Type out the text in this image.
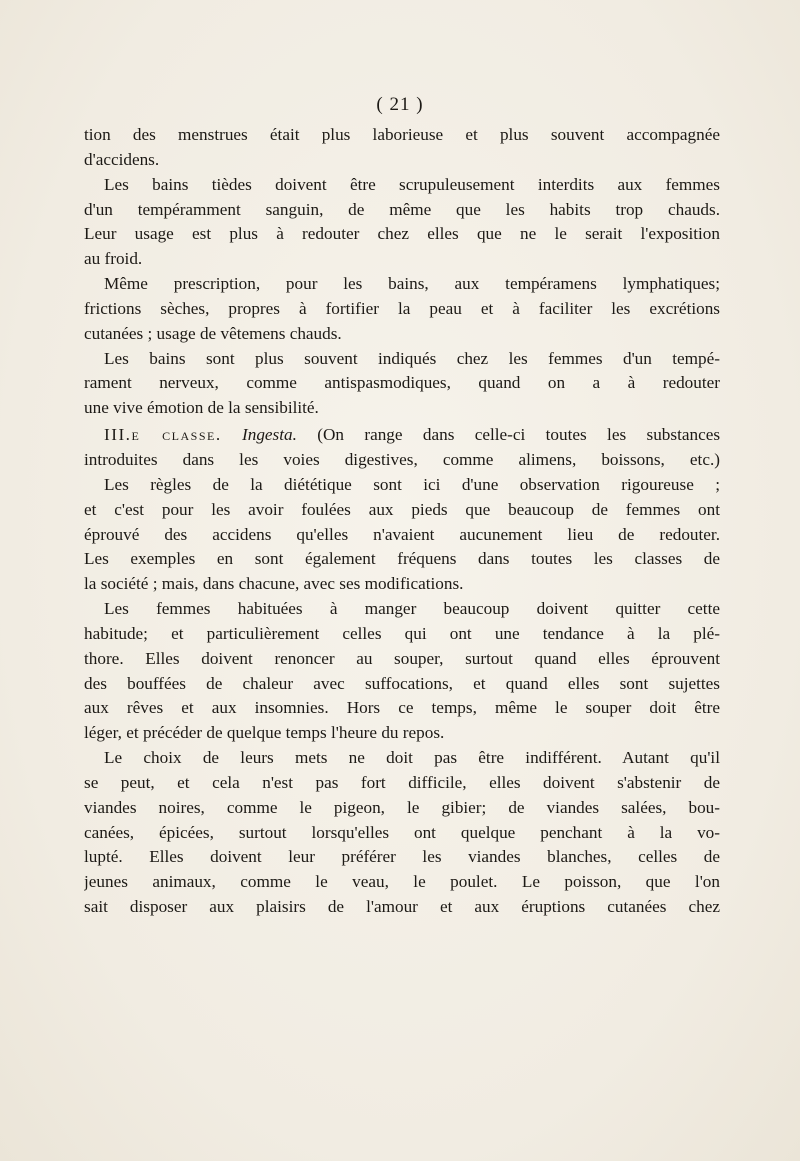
( 21 )
tion des menstrues était plus laborieuse et plus souvent accompagnée
d'accidens.
Les bains tièdes doivent être scrupuleusement interdits aux femmes
d'un tempéramment sanguin, de même que les habits trop chauds.
Leur usage est plus à redouter chez elles que ne le serait l'exposition
au froid.
Même prescription, pour les bains, aux tempéramens lymphatiques;
frictions sèches, propres à fortifier la peau et à faciliter les excrétions
cutanées ; usage de vêtemens chauds.
Les bains sont plus souvent indiqués chez les femmes d'un tempé-
rament nerveux, comme antispasmodiques, quand on a à redouter
une vive émotion de la sensibilité.
III.e classe. Ingesta. (On range dans celle-ci toutes les substances
introduites dans les voies digestives, comme alimens, boissons, etc.)
Les règles de la diététique sont ici d'une observation rigoureuse ;
et c'est pour les avoir foulées aux pieds que beaucoup de femmes ont
éprouvé des accidens qu'elles n'avaient aucunement lieu de redouter.
Les exemples en sont également fréquens dans toutes les classes de
la société ; mais, dans chacune, avec ses modifications.
Les femmes habituées à manger beaucoup doivent quitter cette
habitude; et particulièrement celles qui ont une tendance à la plé-
thore. Elles doivent renoncer au souper, surtout quand elles éprouvent
des bouffées de chaleur avec suffocations, et quand elles sont sujettes
aux rêves et aux insomnies. Hors ce temps, même le souper doit être
léger, et précéder de quelque temps l'heure du repos.
Le choix de leurs mets ne doit pas être indifférent. Autant qu'il
se peut, et cela n'est pas fort difficile, elles doivent s'abstenir de
viandes noires, comme le pigeon, le gibier; de viandes salées, bou-
canées, épicées, surtout lorsqu'elles ont quelque penchant à la vo-
lupté. Elles doivent leur préférer les viandes blanches, celles de
jeunes animaux, comme le veau, le poulet. Le poisson, que l'on
sait disposer aux plaisirs de l'amour et aux éruptions cutanées chez
